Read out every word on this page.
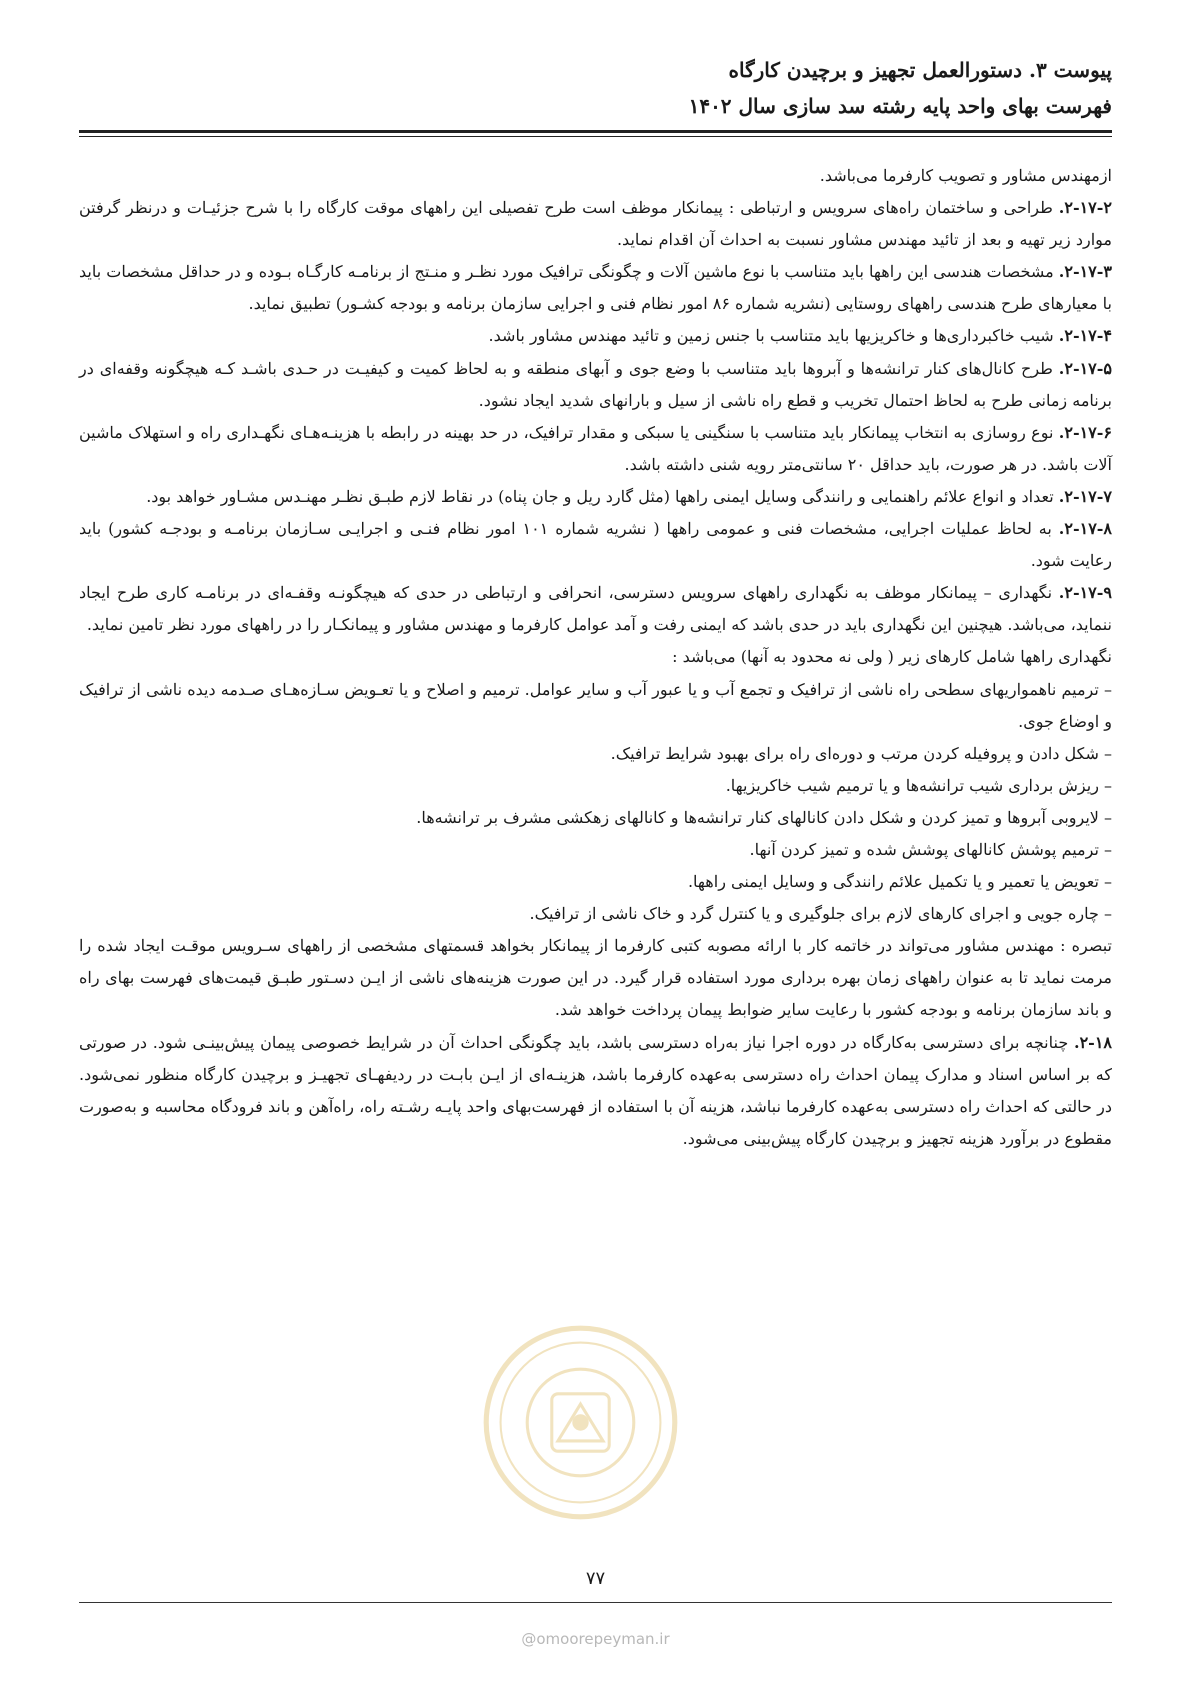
پیوست ۳. دستورالعمل تجهیز و برچیدن کارگاه

فهرست بهای واحد پایه رشته سد سازی سال ۱۴۰۲

ازمهندس مشاور و تصویب کارفرما می‌باشد.

۲-۱۷-۲. طراحی و ساختمان راه‌های سرویس و ارتباطی : پیمانکار موظف است طرح تفصیلی این راههای موقت کارگاه را با شرح جزئیـات و درنظر گرفتن موارد زیر تهیه و بعد از تائید مهندس مشاور نسبت به احداث آن اقدام نماید.

۲-۱۷-۳. مشخصات هندسی این راهها باید متناسب با نوع ماشین آلات و چگونگی ترافیک مورد نظـر و منـتج از برنامـه کارگـاه بـوده و در حداقل مشخصات باید با معیارهای طرح هندسی راههای روستایی (نشریه شماره ۸۶ امور نظام فنی و اجرایی سازمان برنامه و بودجه کشـور) تطبیق نماید.

۲-۱۷-۴. شیب خاکبرداری‌ها و خاکریزیها باید متناسب با جنس زمین و تائید مهندس مشاور باشد.

۲-۱۷-۵. طرح کانال‌های کنار ترانشه‌ها و آبروها باید متناسب با وضع جوی و آبهای منطقه و به لحاظ کمیت و کیفیـت در حـدی باشـد کـه هیچگونه وقفه‌ای در برنامه زمانی طرح به لحاظ احتمال تخریب و قطع راه ناشی از سیل و بارانهای شدید ایجاد نشود.

۲-۱۷-۶. نوع روسازی به انتخاب پیمانکار باید متناسب با سنگینی یا سبکی و مقدار ترافیک، در حد بهینه در رابطه با هزینـه‌هـای نگهـداری راه و استهلاک ماشین آلات باشد. در هر صورت، باید حداقل ۲۰ سانتی‌متر رویه شنی داشته باشد.

۲-۱۷-۷. تعداد و انواع علائم راهنمایی و رانندگی وسایل ایمنی راهها (مثل گارد ریل و جان پناه) در نقاط لازم طبـق نظـر مهنـدس مشـاور خواهد بود.

۲-۱۷-۸. به لحاظ عملیات اجرایی، مشخصات فنی و عمومی راهها ( نشریه شماره ۱۰۱ امور نظام فنـی و اجرایـی سـازمان برنامـه و بودجـه کشور) باید رعایت شود.

۲-۱۷-۹. نگهداری – پیمانکار موظف به نگهداری راههای سرویس دسترسی، انحرافی و ارتباطی در حدی که هیچگونـه وقفـه‌ای در برنامـه کاری طرح ایجاد ننماید، می‌باشد. هیچنین این نگهداری باید در حدی باشد که ایمنی رفت و آمد عوامل کارفرما و مهندس مشاور و پیمانکـار را در راههای مورد نظر تامین نماید.

نگهداری راهها شامل کارهای زیر ( ولی نه محدود به آنها) می‌باشد :

– ترمیم ناهمواریهای سطحی راه ناشی از ترافیک و تجمع آب و یا عبور آب و سایر عوامل. ترمیم و اصلاح و یا تعـویض سـازه‌هـای صـدمه دیده ناشی از ترافیک و اوضاع جوی.

– شکل دادن و پروفیله کردن مرتب و دوره‌ای راه برای بهبود شرایط ترافیک.

– ریزش برداری شیب ترانشه‌ها و یا ترمیم شیب خاکریزیها.

– لایروبی آبروها و تمیز کردن و شکل دادن کانالهای کنار ترانشه‌ها و کانالهای زهکشی مشرف بر ترانشه‌ها.

– ترمیم پوشش کانالهای پوشش شده و تمیز کردن آنها.

– تعویض یا تعمیر و یا تکمیل علائم رانندگی و وسایل ایمنی راهها.

– چاره جویی و اجرای کارهای لازم برای جلوگیری و یا کنترل گرد و خاک ناشی از ترافیک.

تبصره : مهندس مشاور می‌تواند در خاتمه کار با ارائه مصوبه کتبی کارفرما از پیمانکار بخواهد قسمتهای مشخصی از راههای سـرویس موقـت ایجاد شده را مرمت نماید تا به عنوان راههای زمان بهره برداری مورد استفاده قرار گیرد. در این صورت هزینه‌های ناشی از ایـن دسـتور طبـق قیمت‌های فهرست بهای راه و باند سازمان برنامه و بودجه کشور با رعایت سایر ضوابط پیمان پرداخت خواهد شد.

۲-۱۸. چنانچه برای دسترسی به‌کارگاه در دوره اجرا نیاز به‌راه دسترسی باشد، باید چگونگی احداث آن در شرایط خصوصی پیمان پیش‌بینـی شود. در صورتی که بر اساس اسناد و مدارک پیمان احداث راه دسترسی به‌عهده کارفرما باشد، هزینـه‌ای از ایـن بابـت در ردیفهـای تجهیـز و برچیدن کارگاه منظور نمی‌شود. در حالتی که احداث راه دسترسی به‌عهده کارفرما نباشد، هزینه آن با استفاده از فهرست‌بهای واحد پایـه رشـته راه، راه‌آهن و باند فرودگاه محاسبه و به‌صورت مقطوع در برآورد هزینه تجهیز و برچیدن کارگاه پیش‌بینی می‌شود.

۷۷
@omoorepeyman.ir
